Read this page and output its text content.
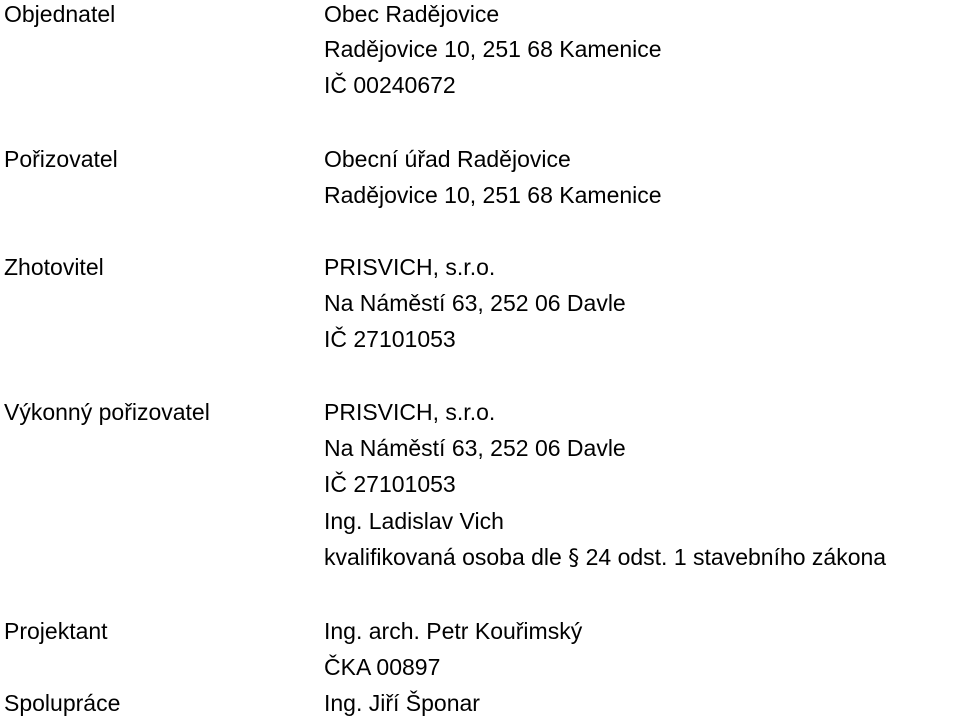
Objednatel	Obec Radějovice
Radějovice 10, 251 68 Kamenice
IČ 00240672
Pořizovatel	Obecní úřad Radějovice
Radějovice 10, 251 68 Kamenice
Zhotovitel	PRISVICH, s.r.o.
Na Náměstí 63, 252 06 Davle
IČ 27101053
Výkonný pořizovatel	PRISVICH, s.r.o.
Na Náměstí 63, 252 06 Davle
IČ 27101053
Ing. Ladislav Vich
kvalifikovaná osoba dle § 24 odst. 1 stavebního zákona
Projektant	Ing. arch. Petr Kouřimský
ČKA 00897
Spolupráce	Ing. Jiří Šponar
